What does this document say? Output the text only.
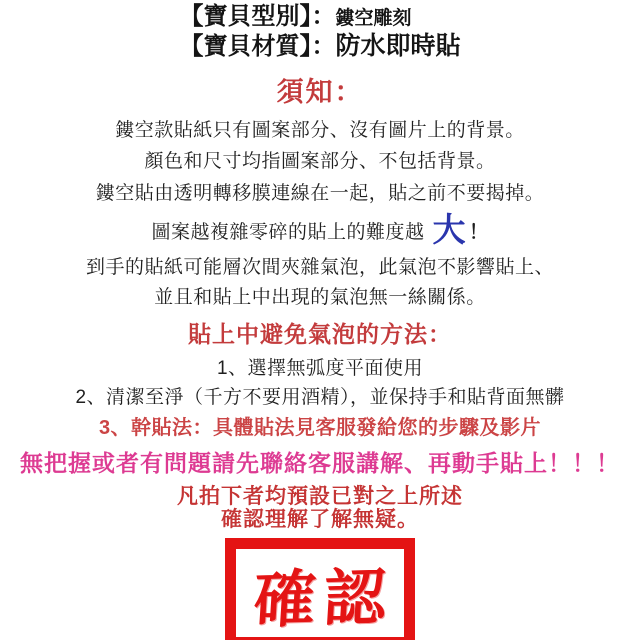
【寶貝型別】：鏤空雕刻
【寶貝材質】：防水即時貼
須知：

鏤空款貼紙只有圖案部分、沒有圖片上的背景。

顏色和尺寸均指圖案部分、不包括背景。

鏤空貼由透明轉移膜連線在一起，貼之前不要揭掉。

圖案越複雜零碎的貼上的難度越 大 ！

到手的貼紙可能層次間夾雜氣泡，此氣泡不影響貼上、

並且和貼上中出現的氣泡無一絲關係。

貼上中避免氣泡的方法：

1、選擇無弧度平面使用

2、清潔至淨（千方不要用酒精），並保持手和貼背面無髒

3、幹貼法：具體貼法見客服發給您的步驟及影片

無把握或者有問題請先聯絡客服講解、再動手貼上！！！

凡拍下者均預設已對之上所述

確認理解了解無疑。

確認
